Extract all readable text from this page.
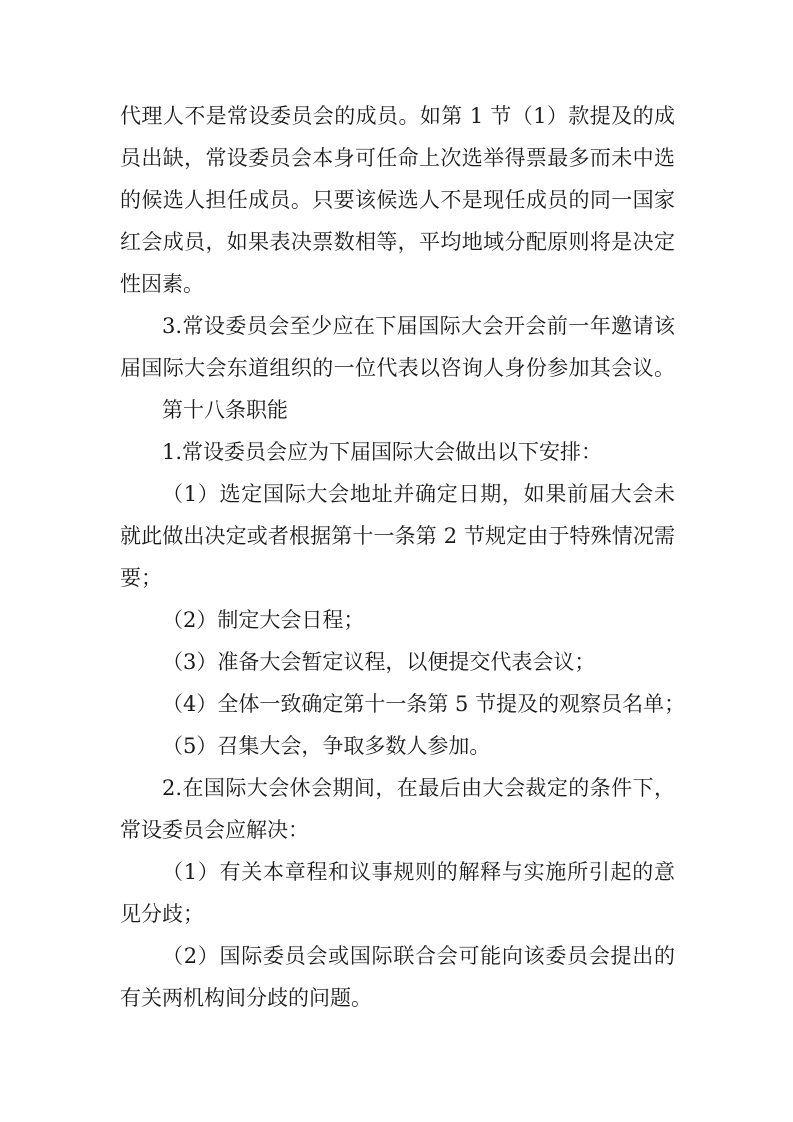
代理人不是常设委员会的成员。如第 1 节（1）款提及的成
员出缺，常设委员会本身可任命上次选举得票最多而未中选
的候选人担任成员。只要该候选人不是现任成员的同一国家
红会成员，如果表决票数相等，平均地域分配原则将是决定
性因素。
3.常设委员会至少应在下届国际大会开会前一年邀请该
届国际大会东道组织的一位代表以咨询人身份参加其会议。
第十八条职能
1.常设委员会应为下届国际大会做出以下安排：
（1）选定国际大会地址并确定日期，如果前届大会未
就此做出决定或者根据第十一条第 2 节规定由于特殊情况需
要；
（2）制定大会日程；
（3）准备大会暂定议程，以便提交代表会议；
（4）全体一致确定第十一条第 5 节提及的观察员名单；
（5）召集大会，争取多数人参加。
2.在国际大会休会期间，在最后由大会裁定的条件下，
常设委员会应解决：
（1）有关本章程和议事规则的解释与实施所引起的意
见分歧；
（2）国际委员会或国际联合会可能向该委员会提出的
有关两机构间分歧的问题。
